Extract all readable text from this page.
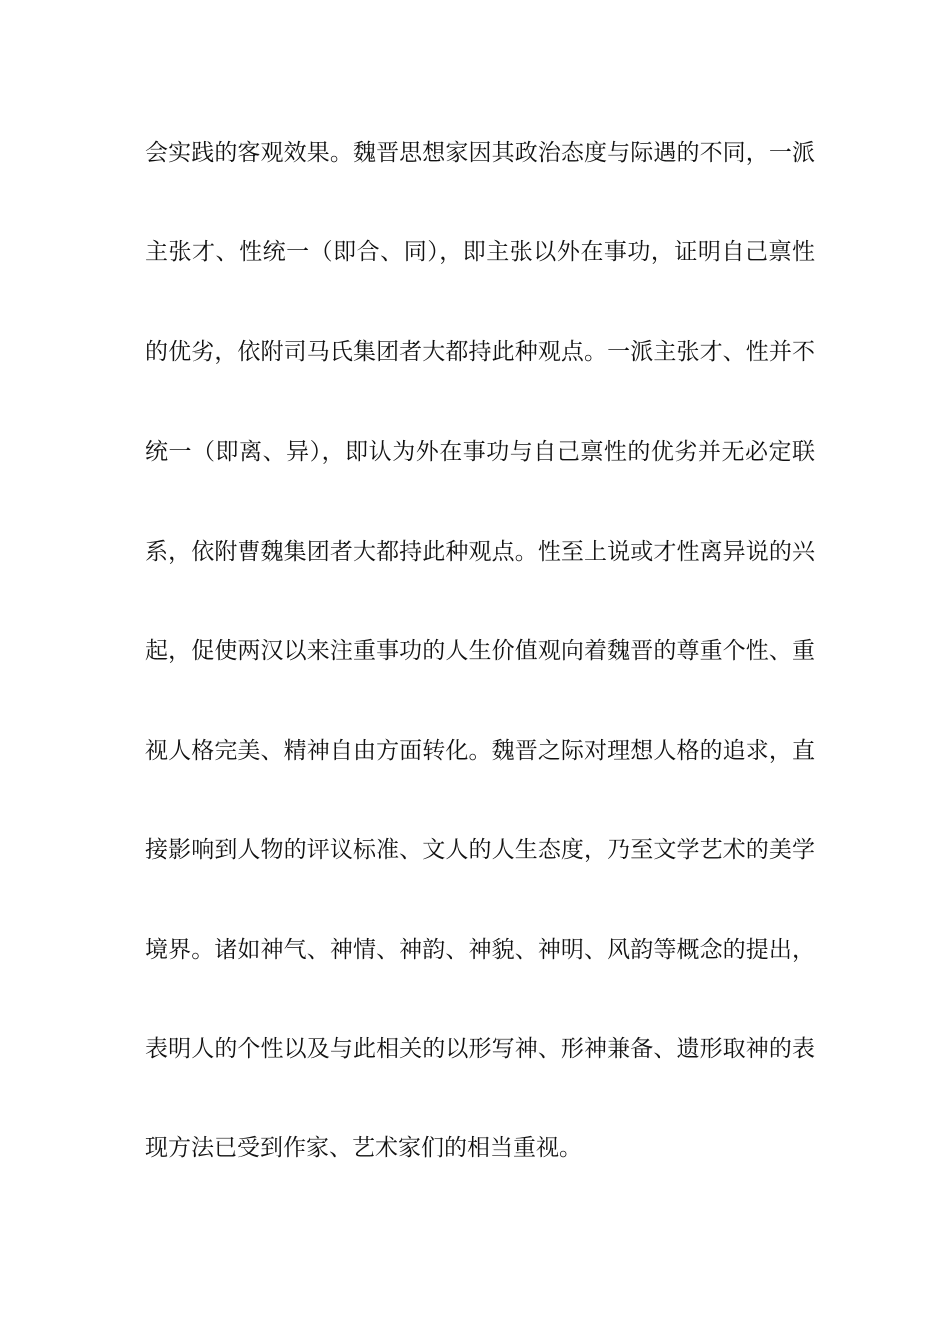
会实践的客观效果。魏晋思想家因其政治态度与际遇的不同，一派
主张才、性统一（即合、同），即主张以外在事功，证明自己禀性
的优劣，依附司马氏集团者大都持此种观点。一派主张才、性并不
统一（即离、异），即认为外在事功与自己禀性的优劣并无必定联
系，依附曹魏集团者大都持此种观点。性至上说或才性离异说的兴
起，促使两汉以来注重事功的人生价值观向着魏晋的尊重个性、重
视人格完美、精神自由方面转化。魏晋之际对理想人格的追求，直
接影响到人物的评议标准、文人的人生态度，乃至文学艺术的美学
境界。诸如神气、神情、神韵、神貌、神明、风韵等概念的提出，
表明人的个性以及与此相关的以形写神、形神兼备、遗形取神的表
现方法已受到作家、艺术家们的相当重视。
